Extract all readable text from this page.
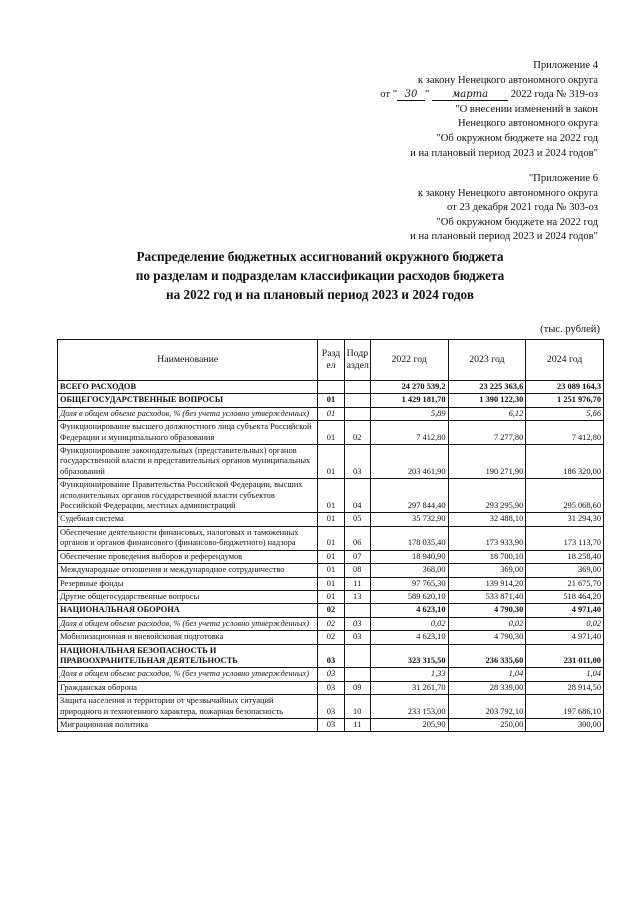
Приложение 4
к закону Ненецкого автономного округа
от " 30 " марта 2022 года № 319-оз
"О внесении изменений в закон
Ненецкого автономного округа
"Об окружном бюджете на 2022 год
и на плановый период 2023 и 2024 годов"
"Приложение 6
к закону Ненецкого автономного округа
от 23 декабря 2021 года № 303-оз
"Об окружном бюджете на 2022 год
и на плановый период 2023 и 2024 годов"
Распределение бюджетных ассигнований окружного бюджета
по разделам и подразделам классификации расходов бюджета
на 2022 год и на плановый период 2023 и 2024 годов
(тыс. рублей)
Наименование	Разд ел	Подр аздел	2022 год	2023 год	2024 год
ВСЕГО РАСХОДОВ			24 270 539,2	23 225 363,6	23 089 164,3
ОБЩЕГОСУДАРСТВЕННЫЕ ВОПРОСЫ	01		1 429 181,70	1 390 122,30	1 251 976,70
Доля в общем объеме расходов, % (без учета условно утвержденных)	01		5,89	6,12	5,66
Функционирование высшего должностного лица субъекта Российской Федерации и муниципального образования	01	02	7 412,80	7 277,80	7 412,80
Функционирование законодательных (представительных) органов государственной власти и представительных органов муниципальных образований	01	03	203 461,90	190 271,90	186 320,00
Функционирование Правительства Российской Федерации, высших исполнительных органов государственной власти субъектов Российской Федерации, местных администраций	01	04	297 844,40	293 295,90	295 068,60
Судебная система	01	05	35 732,90	32 488,10	31 294,30
Обеспечение деятельности финансовых, налоговых и таможенных органов и органов финансового (финансово-бюджетного) надзора	01	06	178 035,40	173 933,90	173 113,70
Обеспечение проведения выборов и референдумов	01	07	18 940,90	18 700,10	18 258,40
Международные отношения и международное сотрудничество	01	08	368,00	369,00	369,00
Резервные фонды	01	11	97 765,30	139 914,20	21 675,70
Другие общегосударственные вопросы	01	13	589 620,10	533 871,40	518 464,20
НАЦИОНАЛЬНАЯ ОБОРОНА	02		4 623,10	4 790,30	4 971,40
Доля в общем объеме расходов, % (без учета условно утвержденных)	02	03	0,02	0,02	0,02
Мобилизационная и вневойсковая подготовка	02	03	4 623,10	4 790,30	4 971,40
НАЦИОНАЛЬНАЯ БЕЗОПАСНОСТЬ И ПРАВООХРАНИТЕЛЬНАЯ ДЕЯТЕЛЬНОСТЬ	03		323 315,50	236 335,60	231 011,00
Доля в общем объеме расходов, % (без учета условно утвержденных)	03		1,33	1,04	1,04
Гражданская оборона	03	09	31 261,70	28 339,00	28 914,50
Защита населения и территории от чрезвычайных ситуаций природного и техногенного характера, пожарная безопасность	03	10	233 153,00	203 792,10	197 686,10
Миграционная политика	03	11	205,90	250,00	300,00
